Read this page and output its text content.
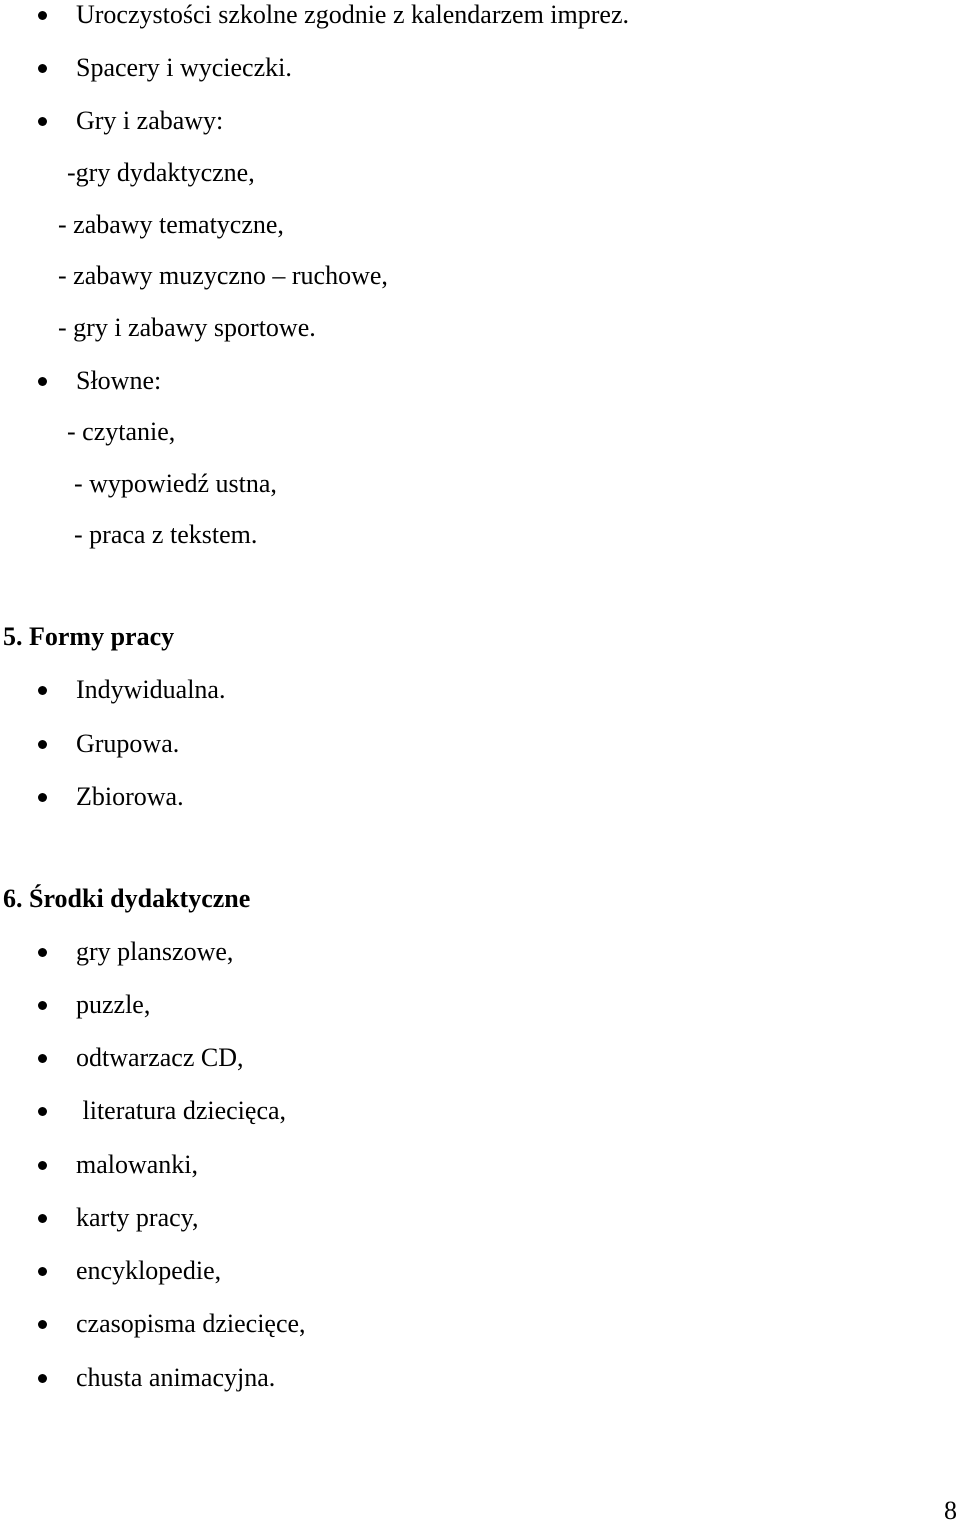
Uroczystości szkolne zgodnie z kalendarzem imprez.
Spacery i wycieczki.
Gry i zabawy:
-gry dydaktyczne,
- zabawy tematyczne,
- zabawy muzyczno – ruchowe,
- gry i zabawy sportowe.
Słowne:
- czytanie,
- wypowiedź ustna,
- praca z tekstem.
5. Formy pracy
Indywidualna.
Grupowa.
Zbiorowa.
6. Środki dydaktyczne
gry planszowe,
puzzle,
odtwarzacz CD,
literatura dziecięca,
malowanki,
karty pracy,
encyklopedie,
czasopisma dziecięce,
chusta animacyjna.
8
